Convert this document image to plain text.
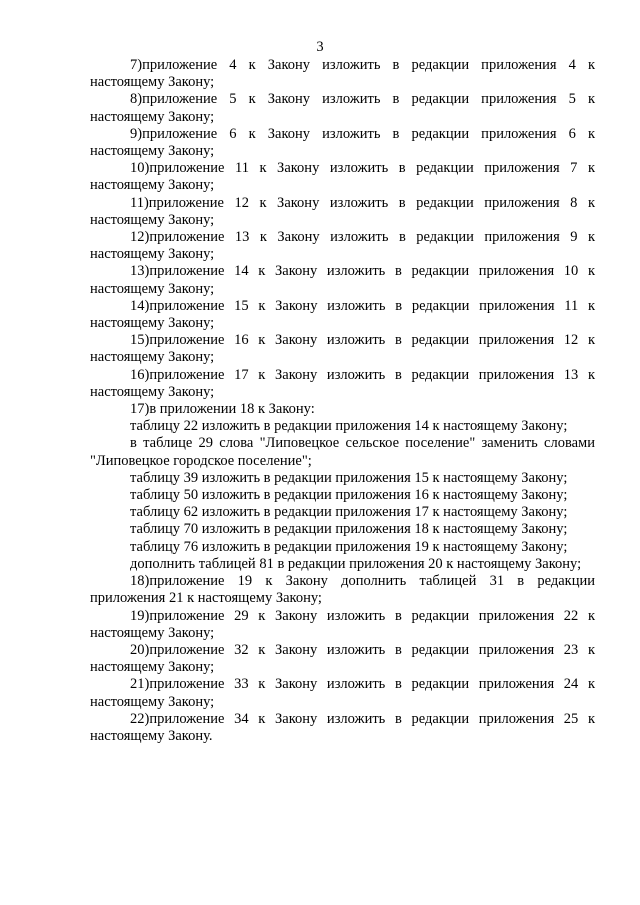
3

7)приложение 4 к Закону изложить в редакции приложения 4 к настоящему Закону;

8)приложение 5 к Закону изложить в редакции приложения 5 к настоящему Закону;

9)приложение 6 к Закону изложить в редакции приложения 6 к настоящему Закону;

10)приложение 11 к Закону изложить в редакции приложения 7 к настоящему Закону;

11)приложение 12 к Закону изложить в редакции приложения 8 к настоящему Закону;

12)приложение 13 к Закону изложить в редакции приложения 9 к настоящему Закону;

13)приложение 14 к Закону изложить в редакции приложения 10 к настоящему Закону;

14)приложение 15 к Закону изложить в редакции приложения 11 к настоящему Закону;

15)приложение 16 к Закону изложить в редакции приложения 12 к настоящему Закону;

16)приложение 17 к Закону изложить в редакции приложения 13 к настоящему Закону;

17)в приложении 18 к Закону:

таблицу 22 изложить в редакции приложения 14 к настоящему Закону;

в таблице 29 слова "Липовецкое сельское поселение" заменить словами "Липовецкое городское поселение";

таблицу 39 изложить в редакции приложения 15 к настоящему Закону;

таблицу 50 изложить в редакции приложения 16 к настоящему Закону;

таблицу 62 изложить в редакции приложения 17 к настоящему Закону;

таблицу 70 изложить в редакции приложения 18 к настоящему Закону;

таблицу 76 изложить в редакции приложения 19 к настоящему Закону;

дополнить таблицей 81 в редакции приложения 20 к настоящему Закону;

18)приложение 19 к Закону дополнить таблицей 31 в редакции приложения 21 к настоящему Закону;

19)приложение 29 к Закону изложить в редакции приложения 22 к настоящему Закону;

20)приложение 32 к Закону изложить в редакции приложения 23 к настоящему Закону;

21)приложение 33 к Закону изложить в редакции приложения 24 к настоящему Закону;

22)приложение 34 к Закону изложить в редакции приложения 25 к настоящему Закону.
